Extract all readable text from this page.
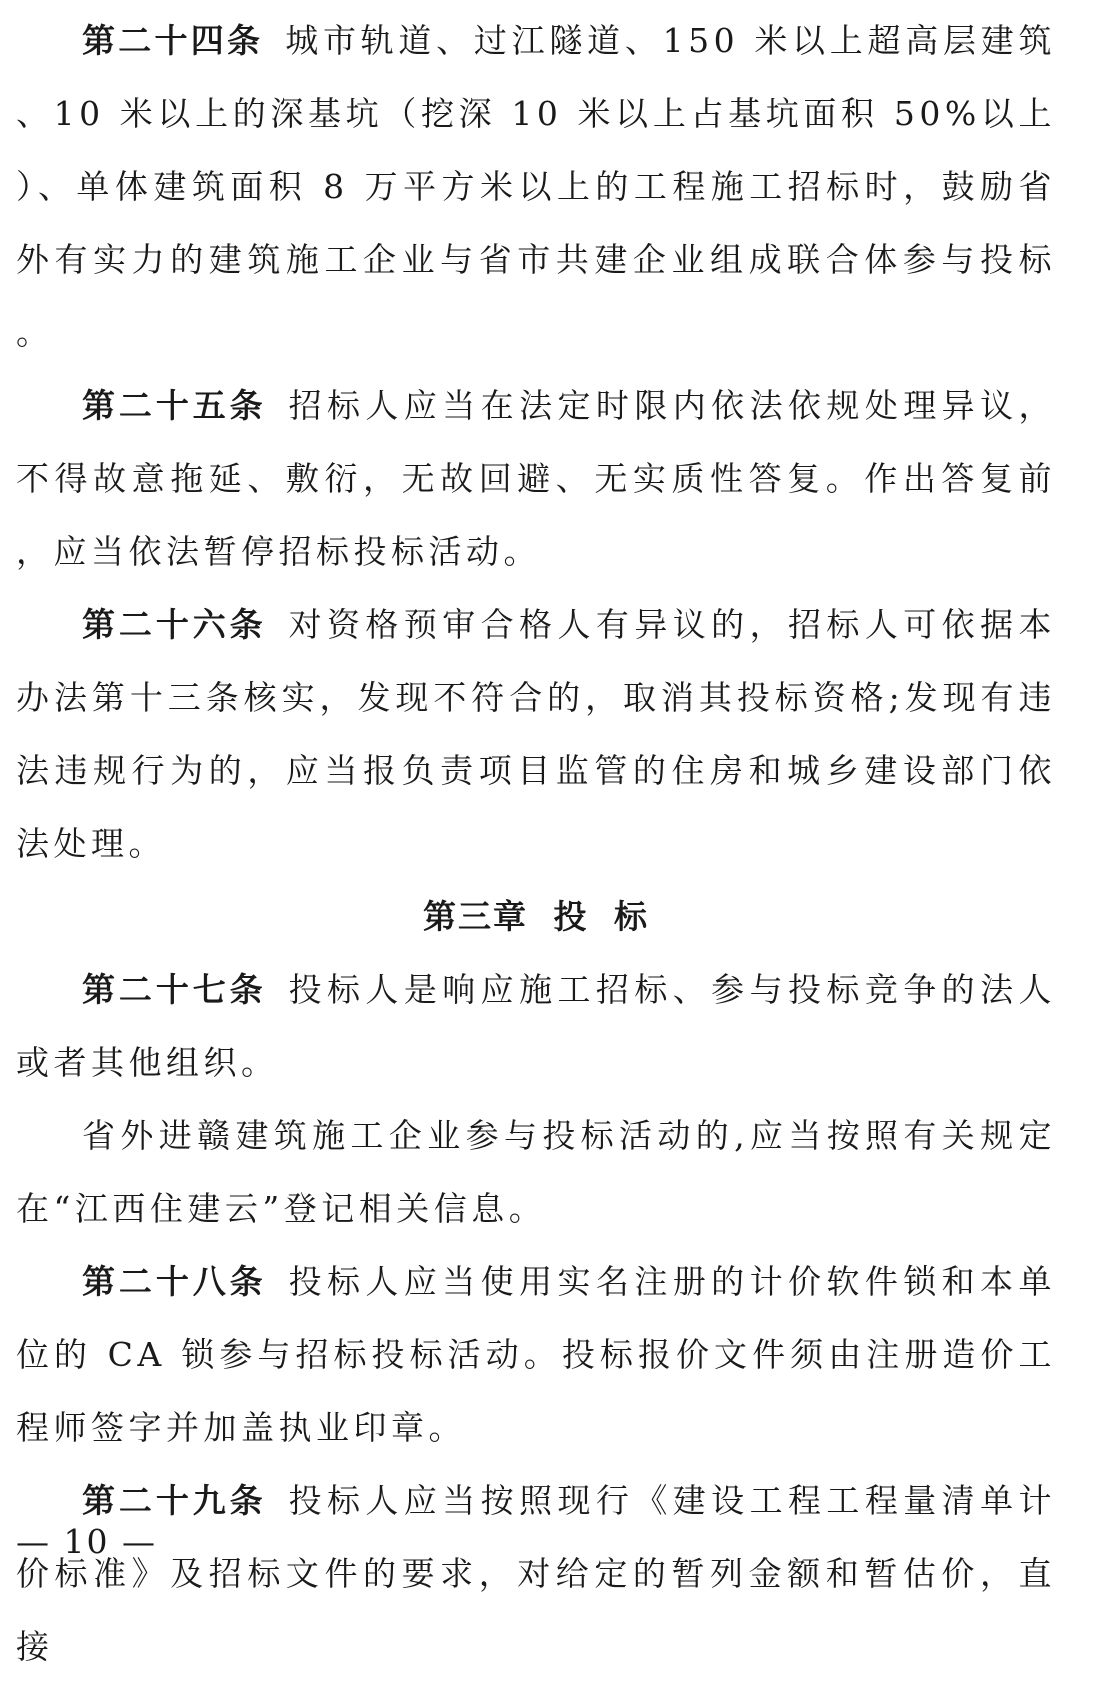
第二十四条 城市轨道、过江隧道、150 米以上超高层建筑、10 米以上的深基坑（挖深 10 米以上占基坑面积 50%以上）、单体建筑面积 8 万平方米以上的工程施工招标时，鼓励省外有实力的建筑施工企业与省市共建企业组成联合体参与投标。

第二十五条 招标人应当在法定时限内依法依规处理异议，不得故意拖延、敷衍，无故回避、无实质性答复。作出答复前，应当依法暂停招标投标活动。

第二十六条 对资格预审合格人有异议的，招标人可依据本办法第十三条核实，发现不符合的，取消其投标资格;发现有违法违规行为的，应当报负责项目监管的住房和城乡建设部门依法处理。

第三章 投 标

第二十七条 投标人是响应施工招标、参与投标竞争的法人或者其他组织。

省外进赣建筑施工企业参与投标活动的,应当按照有关规定在“江西住建云”登记相关信息。

第二十八条 投标人应当使用实名注册的计价软件锁和本单位的 CA 锁参与招标投标活动。投标报价文件须由注册造价工程师签字并加盖执业印章。

第二十九条 投标人应当按照现行《建设工程工程量清单计价标准》及招标文件的要求，对给定的暂列金额和暂估价，直接

— 10 —
